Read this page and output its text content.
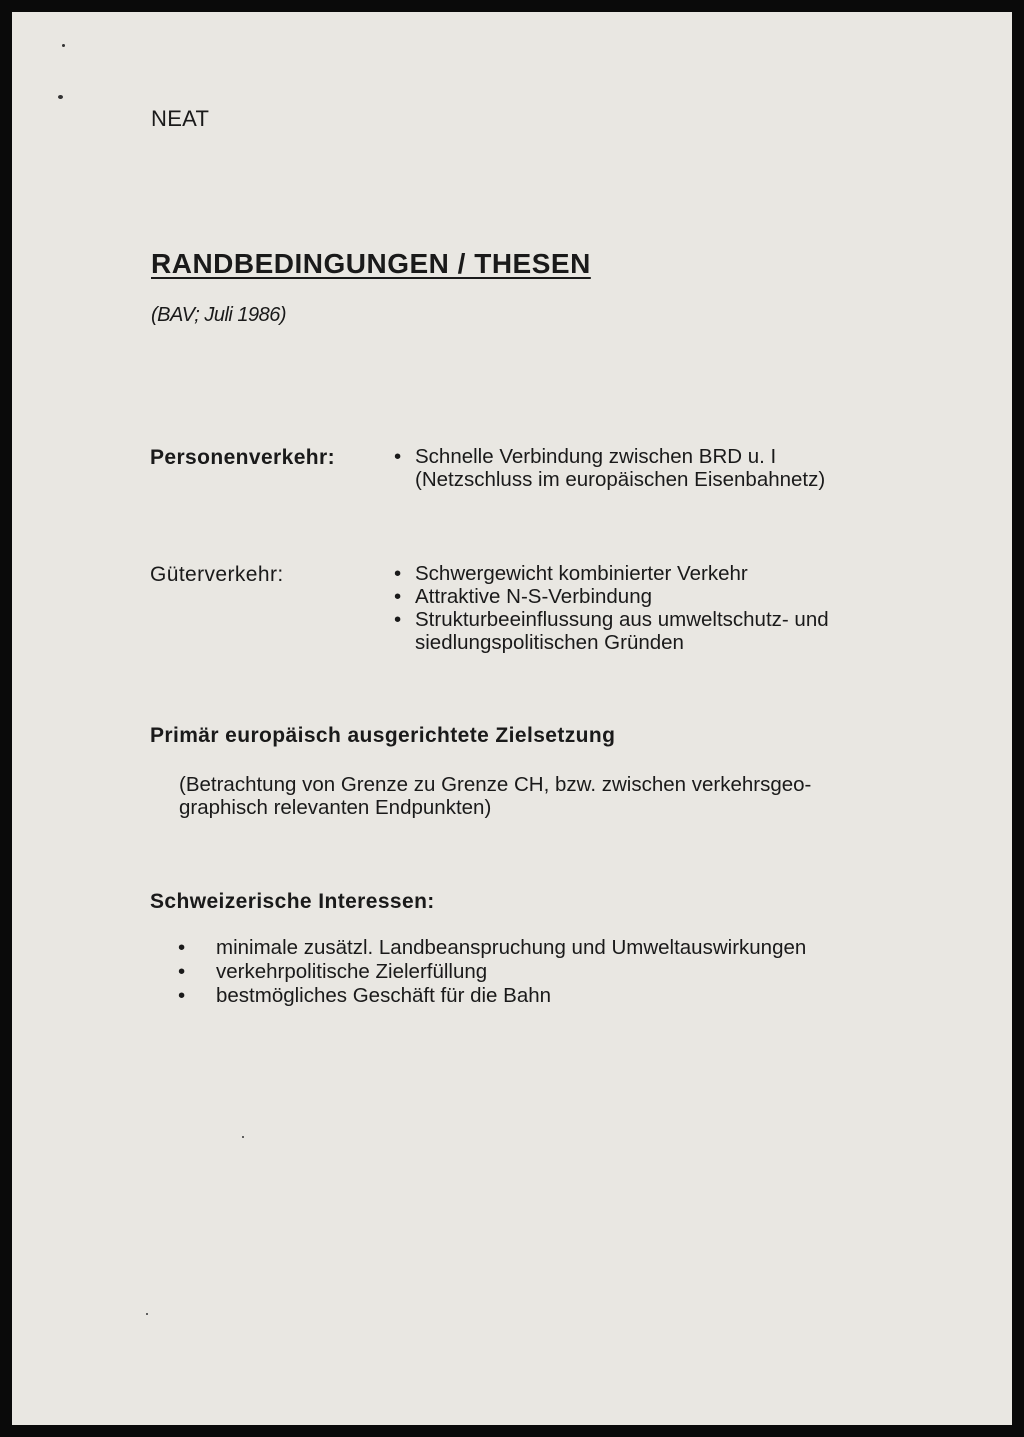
NEAT
RANDBEDINGUNGEN / THESEN
(BAV; Juli 1986)
Personenverkehr:	• Schnelle Verbindung zwischen BRD u. I
(Netzschluss im europäischen Eisenbahnetz)
Güterverkehr:	• Schwergewicht kombinierter Verkehr
• Attraktive N-S-Verbindung
• Strukturbeeinflussung aus umweltschutz- und
siedlungspolitischen Gründen
Primär europäisch ausgerichtete Zielsetzung
(Betrachtung von Grenze zu Grenze CH, bzw. zwischen verkehrsgeo-
graphisch relevanten Endpunkten)
Schweizerische Interessen:
• minimale zusätzl. Landbeanspruchung und Umweltauswirkungen
• verkehrpolitische Zielerfüllung
• bestmögliches Geschäft für die Bahn
